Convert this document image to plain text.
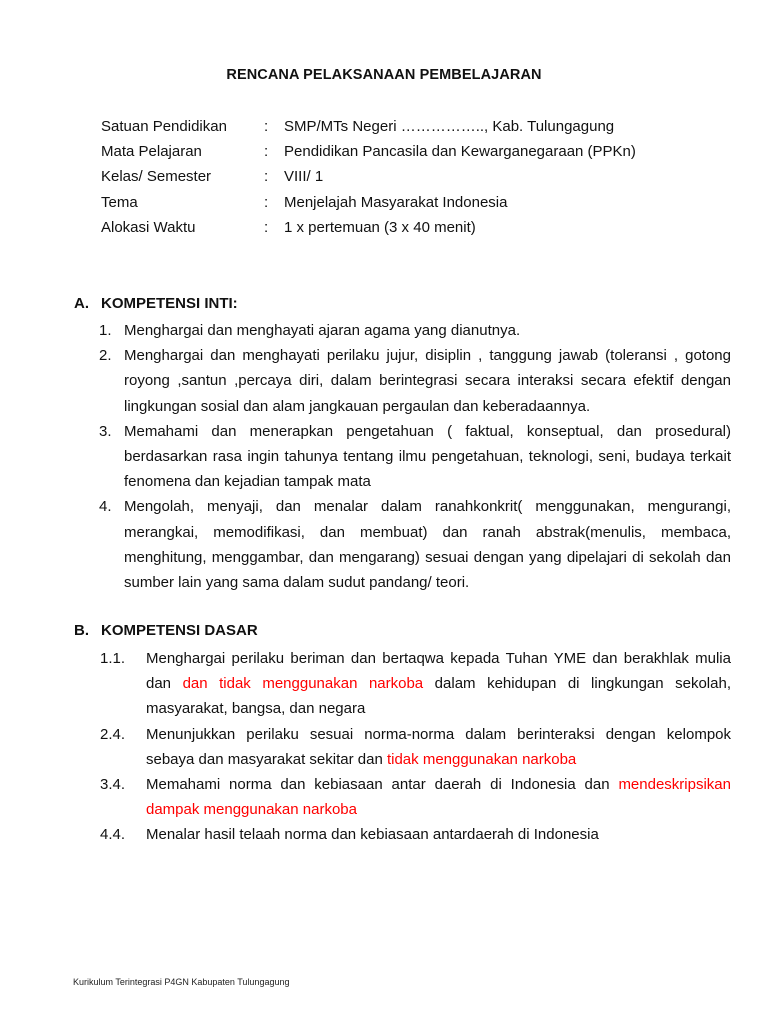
RENCANA PELAKSANAAN PEMBELAJARAN
Satuan Pendidikan : SMP/MTs Negeri …………….., Kab. Tulungagung
Mata Pelajaran	: Pendidikan Pancasila dan Kewarganegaraan (PPKn)
Kelas/ Semester	: VIII/ 1
Tema	: Menjelajah Masyarakat Indonesia
Alokasi Waktu	: 1 x pertemuan (3 x 40 menit)
A. KOMPETENSI INTI:
1. Menghargai dan menghayati ajaran agama yang dianutnya.
2. Menghargai dan menghayati perilaku jujur, disiplin , tanggung jawab (toleransi , gotong royong ,santun ,percaya diri, dalam berintegrasi secara interaksi secara efektif dengan lingkungan sosial dan alam jangkauan pergaulan dan keberadaannya.
3. Memahami dan menerapkan pengetahuan ( faktual, konseptual, dan prosedural) berdasarkan rasa ingin tahunya tentang ilmu pengetahuan, teknologi, seni, budaya terkait fenomena dan kejadian tampak mata
4. Mengolah, menyaji, dan menalar dalam ranahkonkrit( menggunakan, mengurangi, merangkai, memodifikasi, dan membuat) dan ranah abstrak(menulis, membaca, menghitung, menggambar, dan mengarang) sesuai dengan yang dipelajari di sekolah dan sumber lain yang sama dalam sudut pandang/ teori.
B. KOMPETENSI DASAR
1.1. Menghargai perilaku beriman dan bertaqwa kepada Tuhan YME dan berakhlak mulia dan dan tidak menggunakan narkoba dalam kehidupan di lingkungan sekolah, masyarakat, bangsa, dan negara
2.4. Menunjukkan perilaku sesuai norma-norma dalam berinteraksi dengan kelompok sebaya dan masyarakat sekitar dan tidak menggunakan narkoba
3.4. Memahami norma dan kebiasaan antar daerah di Indonesia dan mendeskripsikan dampak menggunakan narkoba
4.4. Menalar hasil telaah norma dan kebiasaan antardaerah di Indonesia
Kurikulum Terintegrasi P4GN Kabupaten Tulungagung
